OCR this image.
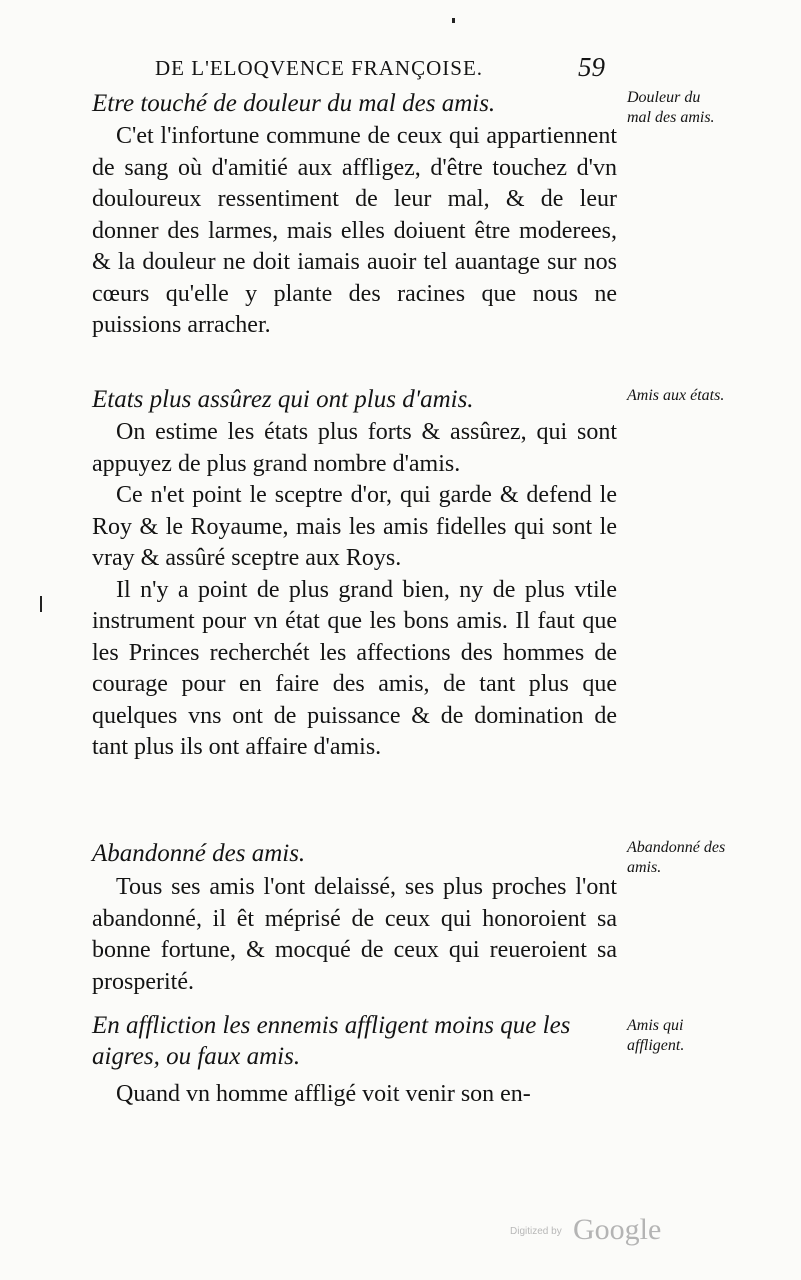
DE L'ELOQVENCE FRANÇOISE.	59
Etre touché de douleur du mal des amis.	Douleur du mal des amis.

C'et l'infortune commune de ceux qui appartiennent de sang où d'amitié aux affligez, d'être touchez d'vn douloureux ressentiment de leur mal, & de leur donner des larmes, mais elles doiuent être moderees, & la douleur ne doit iamais auoir tel auantage sur nos cœurs qu'elle y plante des racines que nous ne puissions arracher.

Etats plus assûrez qui ont plus d'amis.	Amis aux états.

On estime les états plus forts & assûrez, qui sont appuyez de plus grand nombre d'amis.

Ce n'et point le sceptre d'or, qui garde & defend le Roy & le Royaume, mais les amis fidelles qui sont le vray & assûré sceptre aux Roys.

Il n'y a point de plus grand bien, ny de plus vtile instrument pour vn état que les bons amis. Il faut que les Princes recherchét les affections des hommes de courage pour en faire des amis, de tant plus que quelques vns ont de puissance & de domination de tant plus ils ont affaire d'amis.

Abandonné des amis.	Abandonné des amis.

Tous ses amis l'ont delaissé, ses plus proches l'ont abandonné, il êt méprisé de ceux qui honoroient sa bonne fortune, & mocqué de ceux qui reueroient sa prosperité.

En affliction les ennemis affligent moins que les aigres, ou faux amis.
Amis qui affligent.

Quand vn homme affligé voit venir son en-

Digitized by Google
